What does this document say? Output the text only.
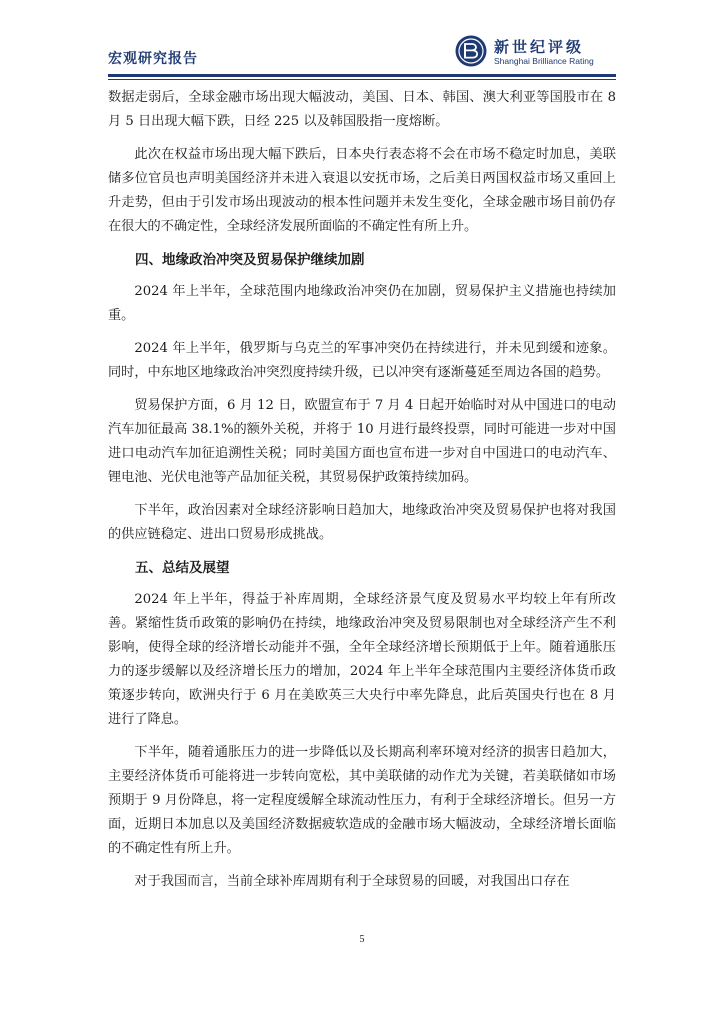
宏观研究报告
新世纪评级
Shanghai Brilliance Rating

数据走弱后，全球金融市场出现大幅波动，美国、日本、韩国、澳大利亚等国股市在 8 月 5 日出现大幅下跌，日经 225 以及韩国股指一度熔断。

此次在权益市场出现大幅下跌后，日本央行表态将不会在市场不稳定时加息，美联储多位官员也声明美国经济并未进入衰退以安抚市场，之后美日两国权益市场又重回上升走势，但由于引发市场出现波动的根本性问题并未发生变化，全球金融市场目前仍存在很大的不确定性，全球经济发展所面临的不确定性有所上升。

四、地缘政治冲突及贸易保护继续加剧

2024 年上半年，全球范围内地缘政治冲突仍在加剧，贸易保护主义措施也持续加重。

2024 年上半年，俄罗斯与乌克兰的军事冲突仍在持续进行，并未见到缓和迹象。同时，中东地区地缘政治冲突烈度持续升级，已以冲突有逐渐蔓延至周边各国的趋势。

贸易保护方面，6 月 12 日，欧盟宣布于 7 月 4 日起开始临时对从中国进口的电动汽车加征最高 38.1%的额外关税，并将于 10 月进行最终投票，同时可能进一步对中国进口电动汽车加征追溯性关税；同时美国方面也宣布进一步对自中国进口的电动汽车、锂电池、光伏电池等产品加征关税，其贸易保护政策持续加码。

下半年，政治因素对全球经济影响日趋加大，地缘政治冲突及贸易保护也将对我国的供应链稳定、进出口贸易形成挑战。

五、总结及展望

2024 年上半年，得益于补库周期，全球经济景气度及贸易水平均较上年有所改善。紧缩性货币政策的影响仍在持续，地缘政治冲突及贸易限制也对全球经济产生不利影响，使得全球的经济增长动能并不强，全年全球经济增长预期低于上年。随着通胀压力的逐步缓解以及经济增长压力的增加，2024 年上半年全球范围内主要经济体货币政策逐步转向，欧洲央行于 6 月在美欧英三大央行中率先降息，此后英国央行也在 8 月进行了降息。

下半年，随着通胀压力的进一步降低以及长期高利率环境对经济的损害日趋加大，主要经济体货币可能将进一步转向宽松，其中美联储的动作尤为关键，若美联储如市场预期于 9 月份降息，将一定程度缓解全球流动性压力，有利于全球经济增长。但另一方面，近期日本加息以及美国经济数据疲软造成的金融市场大幅波动，全球经济增长面临的不确定性有所上升。

对于我国而言，当前全球补库周期有利于全球贸易的回暖，对我国出口存在

5
